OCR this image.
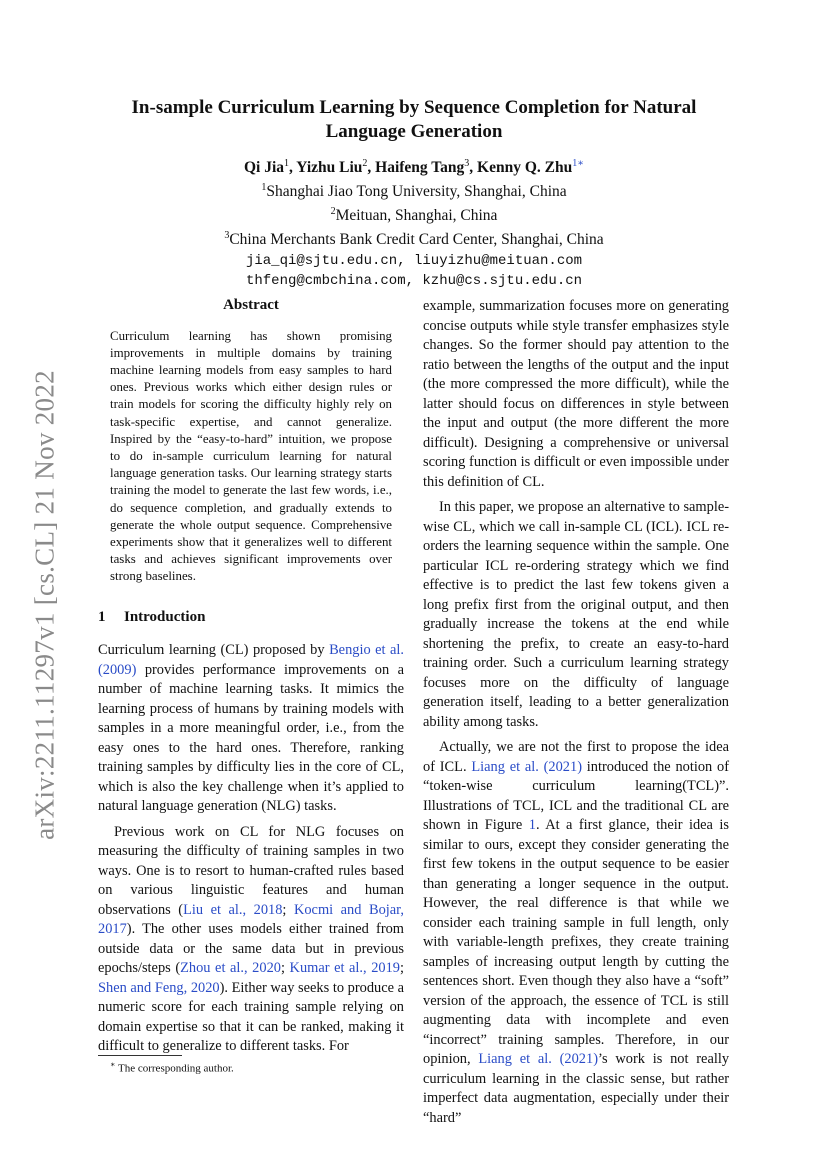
arXiv:2211.11297v1 [cs.CL] 21 Nov 2022
In-sample Curriculum Learning by Sequence Completion for Natural Language Generation
Qi Jia$^1$, Yizhu Liu$^2$, Haifeng Tang$^3$, Kenny Q. Zhu$^{1∗}$
$^1$Shanghai Jiao Tong University, Shanghai, China
$^2$Meituan, Shanghai, China
$^3$China Merchants Bank Credit Card Center, Shanghai, China
jia_qi@sjtu.edu.cn, liuyizhu@meituan.com
thfeng@cmbchina.com, kzhu@cs.sjtu.edu.cn
Abstract

Curriculum learning has shown promising improvements in multiple domains by training machine learning models from easy samples to hard ones. Previous works which either design rules or train models for scoring the difficulty highly rely on task-specific expertise, and cannot generalize. Inspired by the “easy-to-hard” intuition, we propose to do in-sample curriculum learning for natural language generation tasks. Our learning strategy starts training the model to generate the last few words, i.e., do sequence completion, and gradually extends to generate the whole output sequence. Comprehensive experiments show that it generalizes well to different tasks and achieves significant improvements over strong baselines.

1 Introduction

Curriculum learning (CL) proposed by Bengio et al. (2009) provides performance improvements on a number of machine learning tasks. It mimics the learning process of humans by training models with samples in a more meaningful order, i.e., from the easy ones to the hard ones. Therefore, ranking training samples by difficulty lies in the core of CL, which is also the key challenge when it’s applied to natural language generation (NLG) tasks.

Previous work on CL for NLG focuses on measuring the difficulty of training samples in two ways. One is to resort to human-crafted rules based on various linguistic features and human observations (Liu et al., 2018; Kocmi and Bojar, 2017). The other uses models either trained from outside data or the same data but in previous epochs/steps (Zhou et al., 2020; Kumar et al., 2019; Shen and Feng, 2020). Either way seeks to produce a numeric score for each training sample relying on domain expertise so that it can be ranked, making it difficult to generalize to different tasks. For

example, summarization focuses more on generating concise outputs while style transfer emphasizes style changes. So the former should pay attention to the ratio between the lengths of the output and the input (the more compressed the more difficult), while the latter should focus on differences in style between the input and output (the more different the more difficult). Designing a comprehensive or universal scoring function is difficult or even impossible under this definition of CL.

In this paper, we propose an alternative to sample-wise CL, which we call in-sample CL (ICL). ICL re-orders the learning sequence within the sample. One particular ICL re-ordering strategy which we find effective is to predict the last few tokens given a long prefix first from the original output, and then gradually increase the tokens at the end while shortening the prefix, to create an easy-to-hard training order. Such a curriculum learning strategy focuses more on the difficulty of language generation itself, leading to a better generalization ability among tasks.

Actually, we are not the first to propose the idea of ICL. Liang et al. (2021) introduced the notion of “token-wise curriculum learning(TCL)”. Illustrations of TCL, ICL and the traditional CL are shown in Figure 1. At a first glance, their idea is similar to ours, except they consider generating the first few tokens in the output sequence to be easier than generating a longer sequence in the output. However, the real difference is that while we consider each training sample in full length, only with variable-length prefixes, they create training samples of increasing output length by cutting the sentences short. Even though they also have a “soft” version of the approach, the essence of TCL is still augmenting data with incomplete and even “incorrect” training samples. Therefore, in our opinion, Liang et al. (2021)’s work is not really curriculum learning in the classic sense, but rather imperfect data augmentation, especially under their “hard”

∗ The corresponding author.
